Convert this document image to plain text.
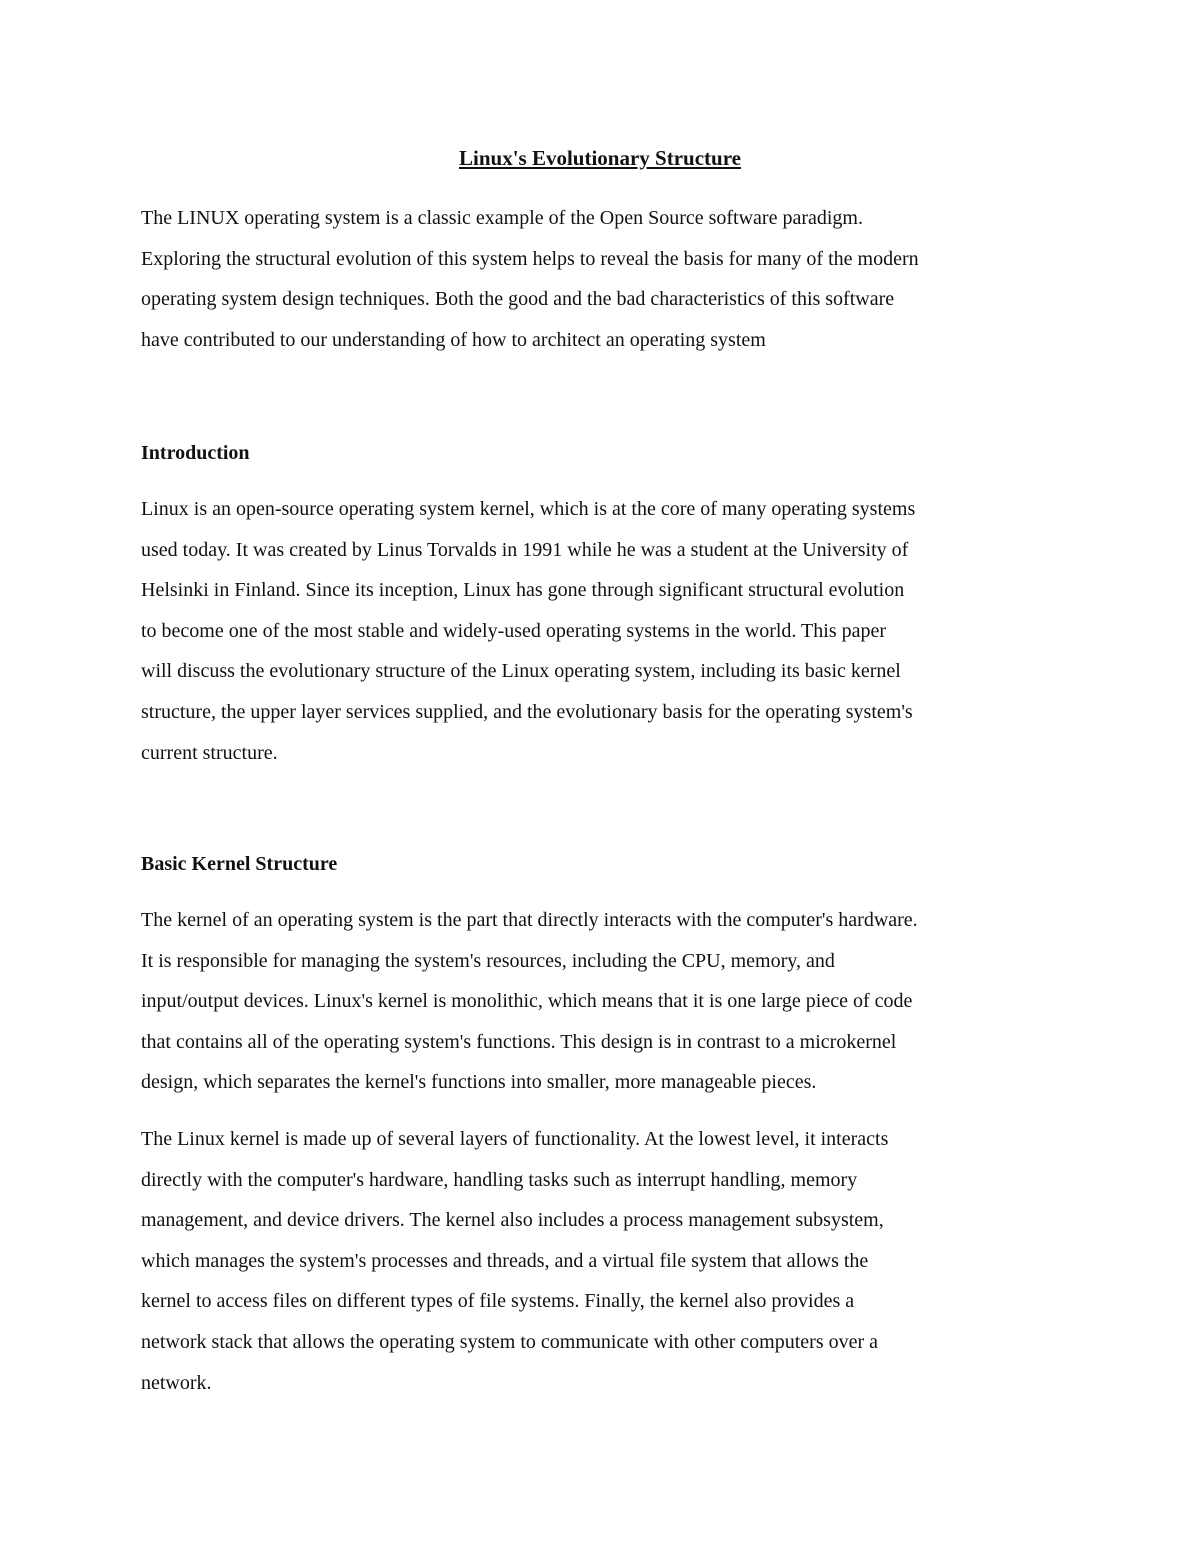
Linux's Evolutionary Structure

The LINUX operating system is a classic example of the Open Source software paradigm.
Exploring the structural evolution of this system helps to reveal the basis for many of the modern
operating system design techniques. Both the good and the bad characteristics of this software
have contributed to our understanding of how to architect an operating system

Introduction

Linux is an open-source operating system kernel, which is at the core of many operating systems
used today. It was created by Linus Torvalds in 1991 while he was a student at the University of
Helsinki in Finland. Since its inception, Linux has gone through significant structural evolution
to become one of the most stable and widely-used operating systems in the world. This paper
will discuss the evolutionary structure of the Linux operating system, including its basic kernel
structure, the upper layer services supplied, and the evolutionary basis for the operating system's
current structure.

Basic Kernel Structure

The kernel of an operating system is the part that directly interacts with the computer's hardware.
It is responsible for managing the system's resources, including the CPU, memory, and
input/output devices. Linux's kernel is monolithic, which means that it is one large piece of code
that contains all of the operating system's functions. This design is in contrast to a microkernel
design, which separates the kernel's functions into smaller, more manageable pieces.

The Linux kernel is made up of several layers of functionality. At the lowest level, it interacts
directly with the computer's hardware, handling tasks such as interrupt handling, memory
management, and device drivers. The kernel also includes a process management subsystem,
which manages the system's processes and threads, and a virtual file system that allows the
kernel to access files on different types of file systems. Finally, the kernel also provides a
network stack that allows the operating system to communicate with other computers over a
network.
